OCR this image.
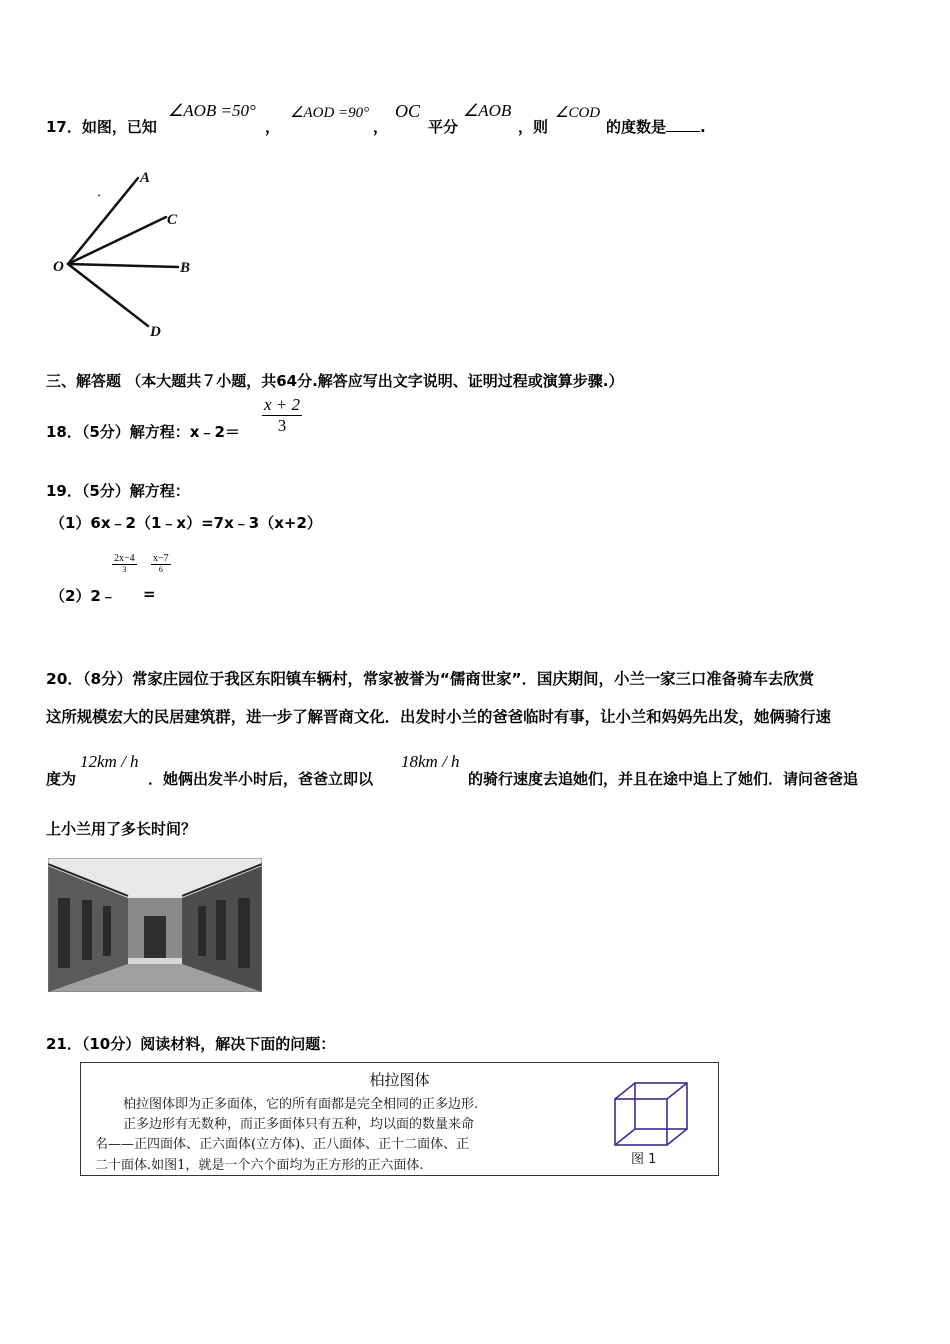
17．如图，已知
∠AOB =50°
，
∠AOD =90°
，
OC
平分
∠AOB
，则
∠COD
的度数是 .
A
C
O	B
D
三、解答题 （本大题共７小题，共64分.解答应写出文字说明、证明过程或演算步骤.）
18．（5分）解方程：x﹣2＝ $\frac{x + 2}{3}$
19．（5分）解方程：
（1）6x﹣2（1﹣x）=7x﹣3（x+2）
2x−4
3
x−7
6
（2）2﹣ =
20．（8分）常家庄园位于我区东阳镇车辆村，常家被誉为“儒商世家”．国庆期间，小兰一家三口准备骑车去欣赏
这所规模宏大的民居建筑群，进一步了解晋商文化．出发时小兰的爸爸临时有事，让小兰和妈妈先出发，她俩骑行速
度为
12km / h
．她俩出发半小时后，爸爸立即以
18km / h
的骑行速度去追她们，并且在途中追上了她们．请问爸爸追
上小兰用了多长时间？
21．（10分）阅读材料，解决下面的问题：
柏拉图体
柏拉图体即为正多面体，它的所有面都是完全相同的正多边形.
正多边形有无数种，而正多面体只有五种，均以面的数量来命
名——正四面体、正六面体(立方体)、正八面体、正十二面体、正
二十面体.如图1，就是一个六个面均为正方形的正六面体.	图 1
